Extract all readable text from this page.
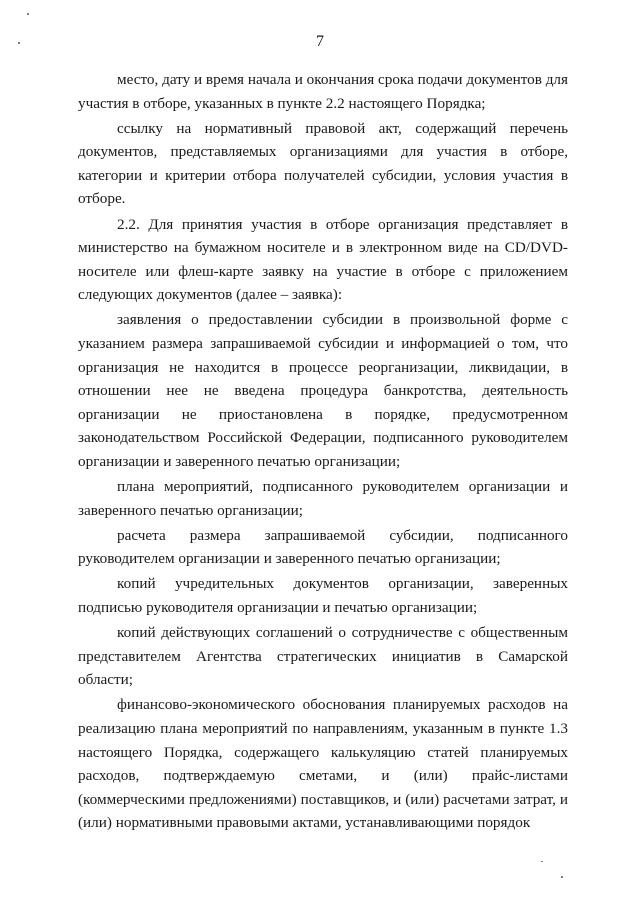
7

место, дату и время начала и окончания срока подачи документов для участия в отборе, указанных в пункте 2.2 настоящего Порядка;

ссылку на нормативный правовой акт, содержащий перечень документов, представляемых организациями для участия в отборе, категории и критерии отбора получателей субсидии, условия участия в отборе.

2.2. Для принятия участия в отборе организация представляет в министерство на бумажном носителе и в электронном виде на CD/DVD-носителе или флеш-карте заявку на участие в отборе с приложением следующих документов (далее – заявка):

заявления о предоставлении субсидии в произвольной форме с указанием размера запрашиваемой субсидии и информацией о том, что организация не находится в процессе реорганизации, ликвидации, в отношении нее не введена процедура банкротства, деятельность организации не приостановлена в порядке, предусмотренном законодательством Российской Федерации, подписанного руководителем организации и заверенного печатью организации;

плана мероприятий, подписанного руководителем организации и заверенного печатью организации;

расчета размера запрашиваемой субсидии, подписанного руководителем организации и заверенного печатью организации;

копий учредительных документов организации, заверенных подписью руководителя организации и печатью организации;

копий действующих соглашений о сотрудничестве с общественным представителем Агентства стратегических инициатив в Самарской области;

финансово-экономического обоснования планируемых расходов на реализацию плана мероприятий по направлениям, указанным в пункте 1.3 настоящего Порядка, содержащего калькуляцию статей планируемых расходов, подтверждаемую сметами, и (или) прайс-листами (коммерческими предложениями) поставщиков, и (или) расчетами затрат, и (или) нормативными правовыми актами, устанавливающими порядок
